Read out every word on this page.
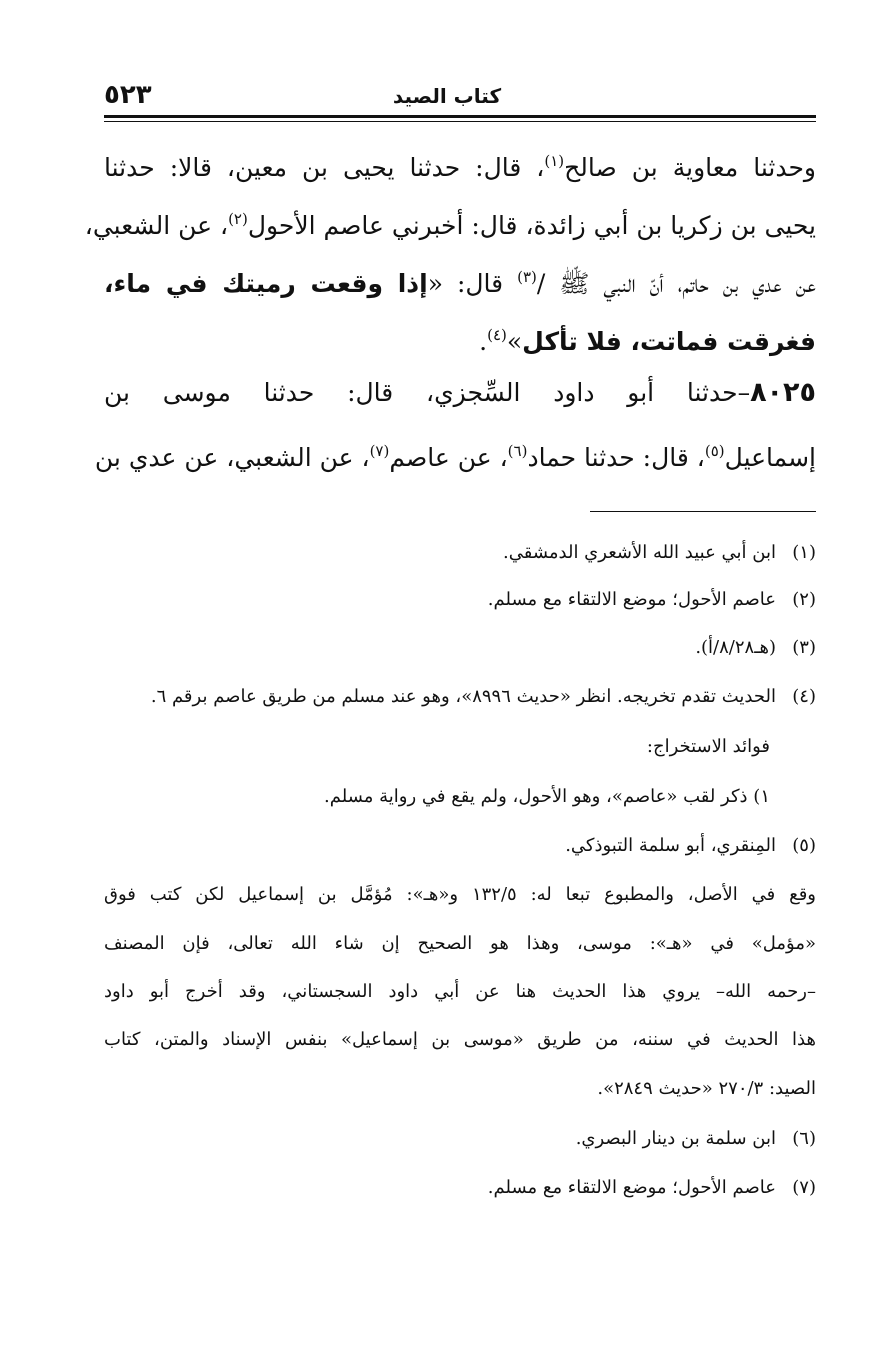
كتاب الصيد
٥٢٣
وحدثنا معاوية بن صالح$^{(١)}$، قال: حدثنا يحيى بن معين، قالا: حدثنا
يحيى بن زكريا بن أبي زائدة، قال: أخبرني عاصم الأحول$^{(٢)}$، عن الشعبي،
عن عدي بن حاتم، أنّ النبي ﷺ /$^{(٣)}$ قال: «إذا وقعت رميتك في ماء،
فغرقت فماتت، فلا تأكل»$^{(٤)}$.
٨٠٢٥–حدثنا أبو داود السِّجزي، قال: حدثنا موسى بن
إسماعيل$^{(٥)}$، قال: حدثنا حماد$^{(٦)}$، عن عاصم$^{(٧)}$، عن الشعبي، عن عدي بن
(١)ابن أبي عبيد الله الأشعري الدمشقي.
(٢)عاصم الأحول؛ موضع الالتقاء مع مسلم.
(٣)(هـ٨/٢٨/أ).
(٤)الحديث تقدم تخريجه. انظر «حديث ٨٩٩٦»، وهو عند مسلم من طريق عاصم برقم ٦.
فوائد الاستخراج:
١) ذكر لقب «عاصم»، وهو الأحول، ولم يقع في رواية مسلم.
(٥)المِنقري، أبو سلمة التبوذكي.
وقع في الأصل، والمطبوع تبعا له: ١٣٢/٥ و«هـ»: مُؤمَّل بن إسماعيل لكن كتب فوق
«مؤمل» في «هـ»: موسى، وهذا هو الصحيح إن شاء الله تعالى، فإن المصنف
–رحمه الله– يروي هذا الحديث هنا عن أبي داود السجستاني، وقد أخرج أبو داود
هذا الحديث في سننه، من طريق «موسى بن إسماعيل» بنفس الإسناد والمتن، كتاب
الصيد: ٢٧٠/٣ «حديث ٢٨٤٩».
(٦)ابن سلمة بن دينار البصري.
(٧)عاصم الأحول؛ موضع الالتقاء مع مسلم.
